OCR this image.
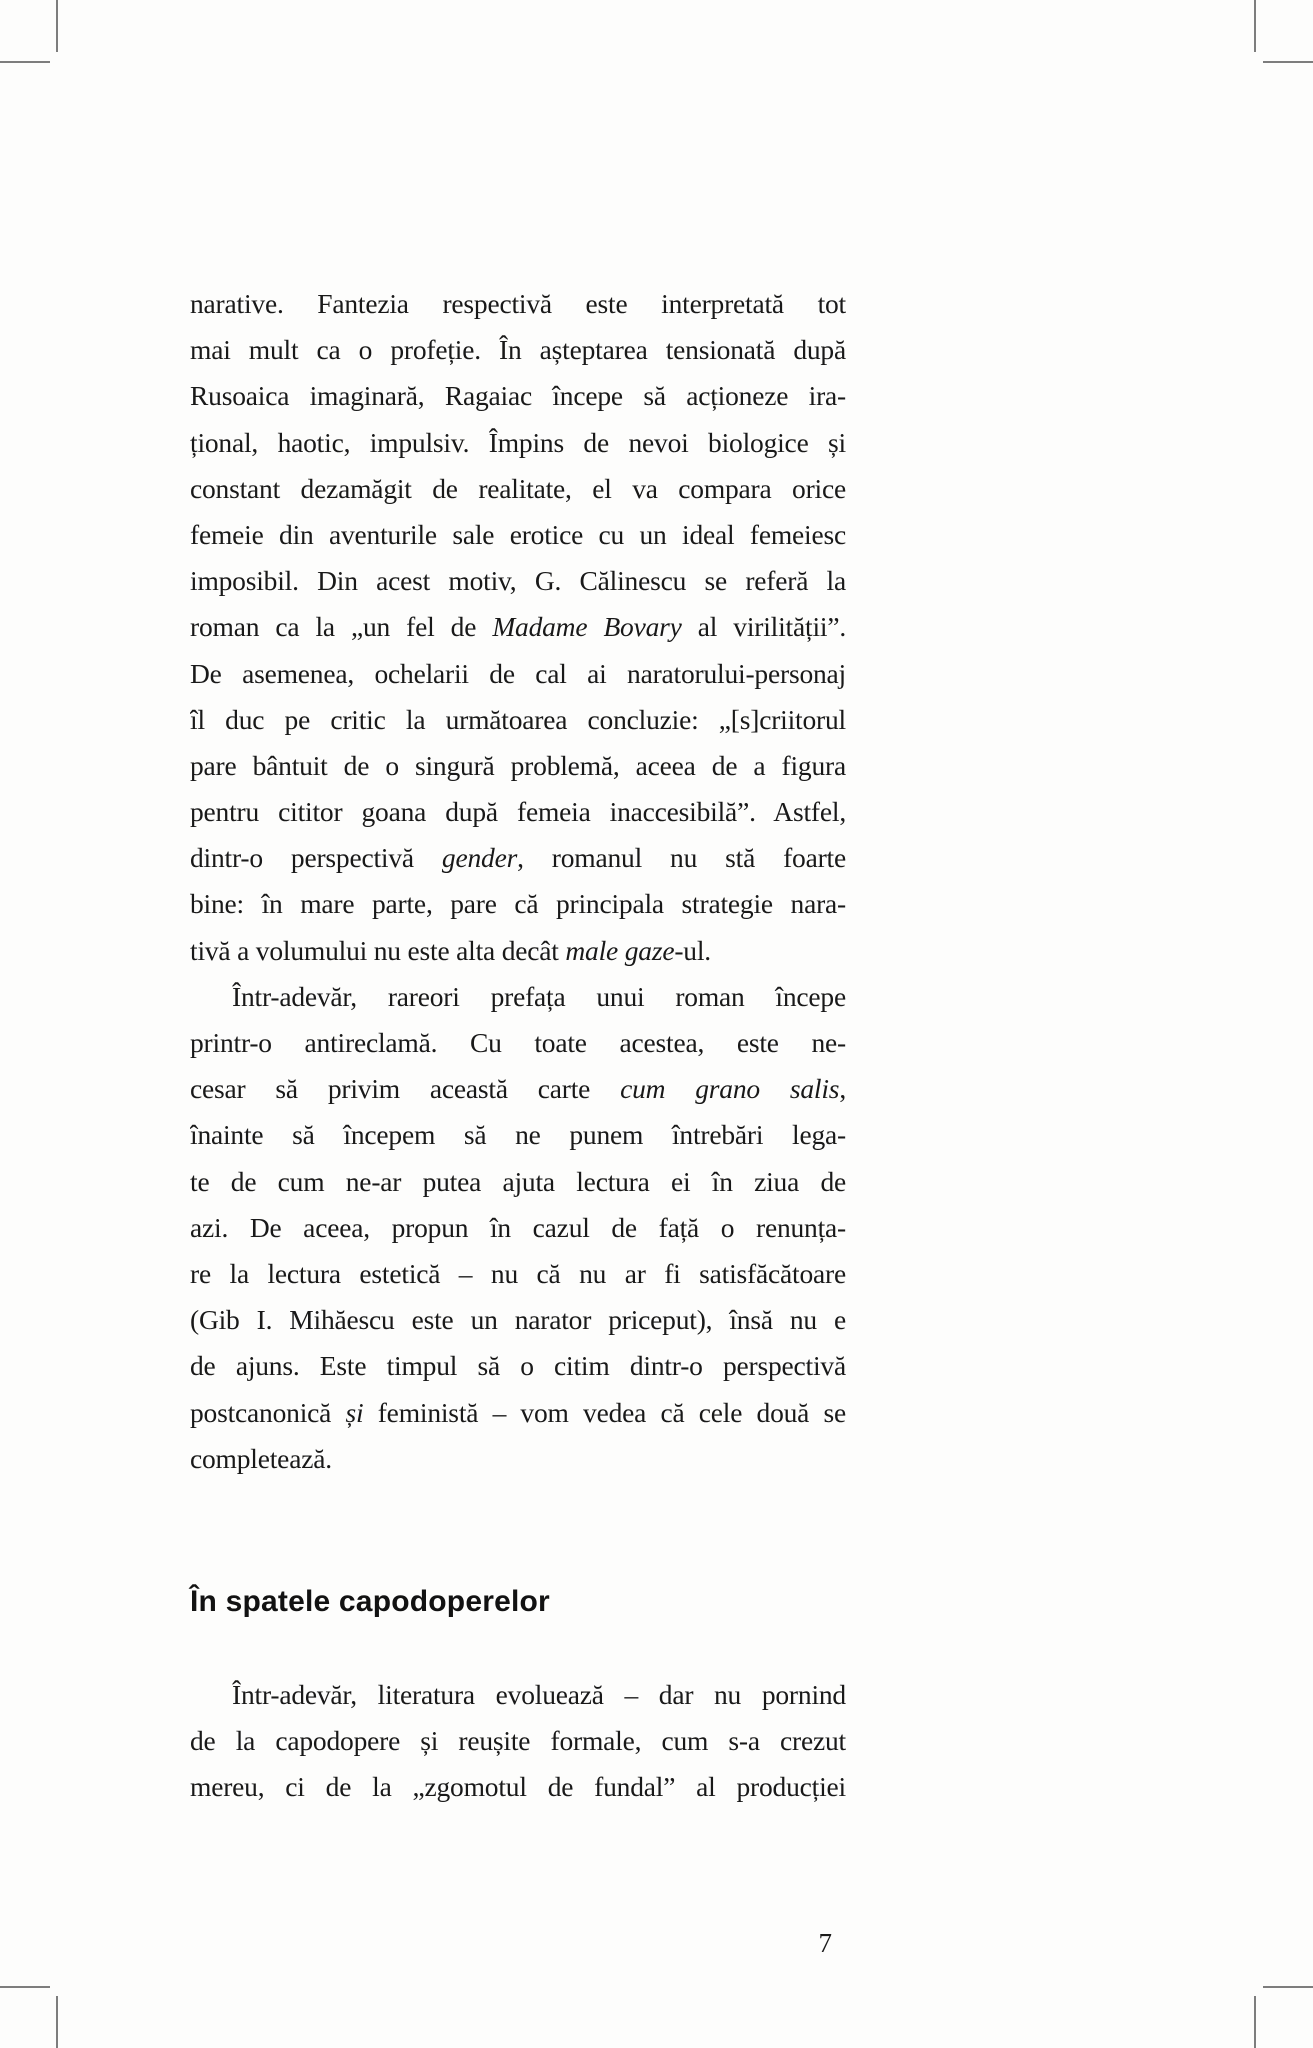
narative. Fantezia respectivă este interpretată tot
mai mult ca o profeție. În așteptarea tensionată după
Rusoaica imaginară, Ragaiac începe să acționeze ira-
țional, haotic, impulsiv. Împins de nevoi biologice și
constant dezamăgit de realitate, el va compara orice
femeie din aventurile sale erotice cu un ideal femeiesc
imposibil. Din acest motiv, G. Călinescu se referă la
roman ca la „un fel de Madame Bovary al virilității”.
De asemenea, ochelarii de cal ai naratorului-personaj
îl duc pe critic la următoarea concluzie: „[s]criitorul
pare bântuit de o singură problemă, aceea de a figura
pentru cititor goana după femeia inaccesibilă”. Astfel,
dintr-o perspectivă gender, romanul nu stă foarte
bine: în mare parte, pare că principala strategie nara-
tivă a volumului nu este alta decât male gaze-ul.
Într-adevăr, rareori prefața unui roman începe
printr-o antireclamă. Cu toate acestea, este ne-
cesar să privim această carte cum grano salis,
înainte să începem să ne punem întrebări lega-
te de cum ne-ar putea ajuta lectura ei în ziua de
azi. De aceea, propun în cazul de față o renunța-
re la lectura estetică – nu că nu ar fi satisfăcătoare
(Gib I. Mihăescu este un narator priceput), însă nu e
de ajuns. Este timpul să o citim dintr-o perspectivă
postcanonică și feministă – vom vedea că cele două se
completează.
În spatele capodoperelor
Într-adevăr, literatura evoluează – dar nu pornind
de la capodopere și reușite formale, cum s-a crezut
mereu, ci de la „zgomotul de fundal” al producției
7
